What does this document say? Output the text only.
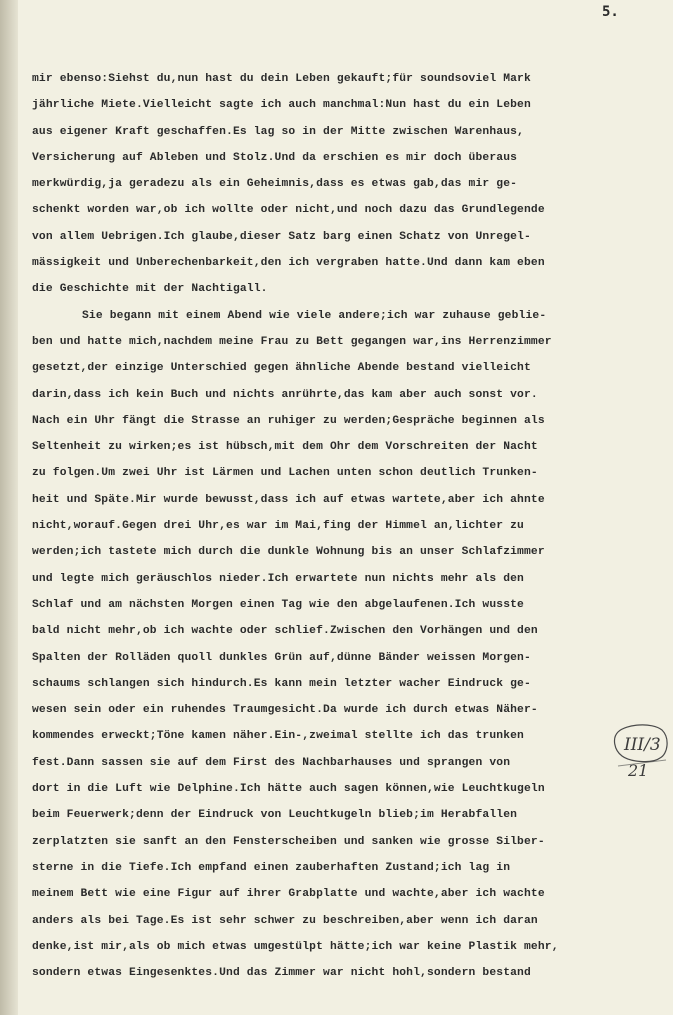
5.
mir ebenso:Siehst du,nun hast du dein Leben gekauft;für soundsoviel Mark
jährliche Miete.Vielleicht sagte ich auch manchmal:Nun hast du ein Leben
aus eigener Kraft geschaffen.Es lag so in der Mitte zwischen Warenhaus,
Versicherung auf Ableben und Stolz.Und da erschien es mir doch überaus
merkwürdig,ja geradezu als ein Geheimnis,dass es etwas gab,das mir ge-
schenkt worden war,ob ich wollte oder nicht,und noch dazu das Grundlegende
von allem Uebrigen.Ich glaube,dieser Satz barg einen Schatz von Unregel-
mässigkeit und Unberechenbarkeit,den ich vergraben hatte.Und dann kam eben
die Geschichte mit der Nachtigall.
Sie begann mit einem Abend wie viele andere;ich war zuhause geblie-
ben und hatte mich,nachdem meine Frau zu Bett gegangen war,ins Herrenzimmer
gesetzt,der einzige Unterschied gegen ähnliche Abende bestand vielleicht
darin,dass ich kein Buch und nichts anrührte,das kam aber auch sonst vor.
Nach ein Uhr fängt die Strasse an ruhiger zu werden;Gespräche beginnen als
Seltenheit zu wirken;es ist hübsch,mit dem Ohr dem Vorschreiten der Nacht
zu folgen.Um zwei Uhr ist Lärmen und Lachen unten schon deutlich Trunken-
heit und Späte.Mir wurde bewusst,dass ich auf etwas wartete,aber ich ahnte
nicht,worauf.Gegen drei Uhr,es war im Mai,fing der Himmel an,lichter zu
werden;ich tastete mich durch die dunkle Wohnung bis an unser Schlafzimmer
und legte mich geräuschlos nieder.Ich erwartete nun nichts mehr als den
Schlaf und am nächsten Morgen einen Tag wie den abgelaufenen.Ich wusste
bald nicht mehr,ob ich wachte oder schlief.Zwischen den Vorhängen und den
Spalten der Rolläden quoll dunkles Grün auf,dünne Bänder weissen Morgen-
schaums schlangen sich hindurch.Es kann mein letzter wacher Eindruck ge-
wesen sein oder ein ruhendes Traumgesicht.Da wurde ich durch etwas Näher-
kommendes erweckt;Töne kamen näher.Ein-,zweimal stellte ich das trunken
fest.Dann sassen sie auf dem First des Nachbarhauses und sprangen von
dort in die Luft wie Delphine.Ich hätte auch sagen können,wie Leuchtkugeln
beim Feuerwerk;denn der Eindruck von Leuchtkugeln blieb;im Herabfallen
zerplatzten sie sanft an den Fensterscheiben und sanken wie grosse Silber-
sterne in die Tiefe.Ich empfand einen zauberhaften Zustand;ich lag in
meinem Bett wie eine Figur auf ihrer Grabplatte und wachte,aber ich wachte
anders als bei Tage.Es ist sehr schwer zu beschreiben,aber wenn ich daran
denke,ist mir,als ob mich etwas umgestülpt hätte;ich war keine Plastik mehr,
sondern etwas Eingesenktes.Und das Zimmer war nicht hohl,sondern bestand
III/3
21
